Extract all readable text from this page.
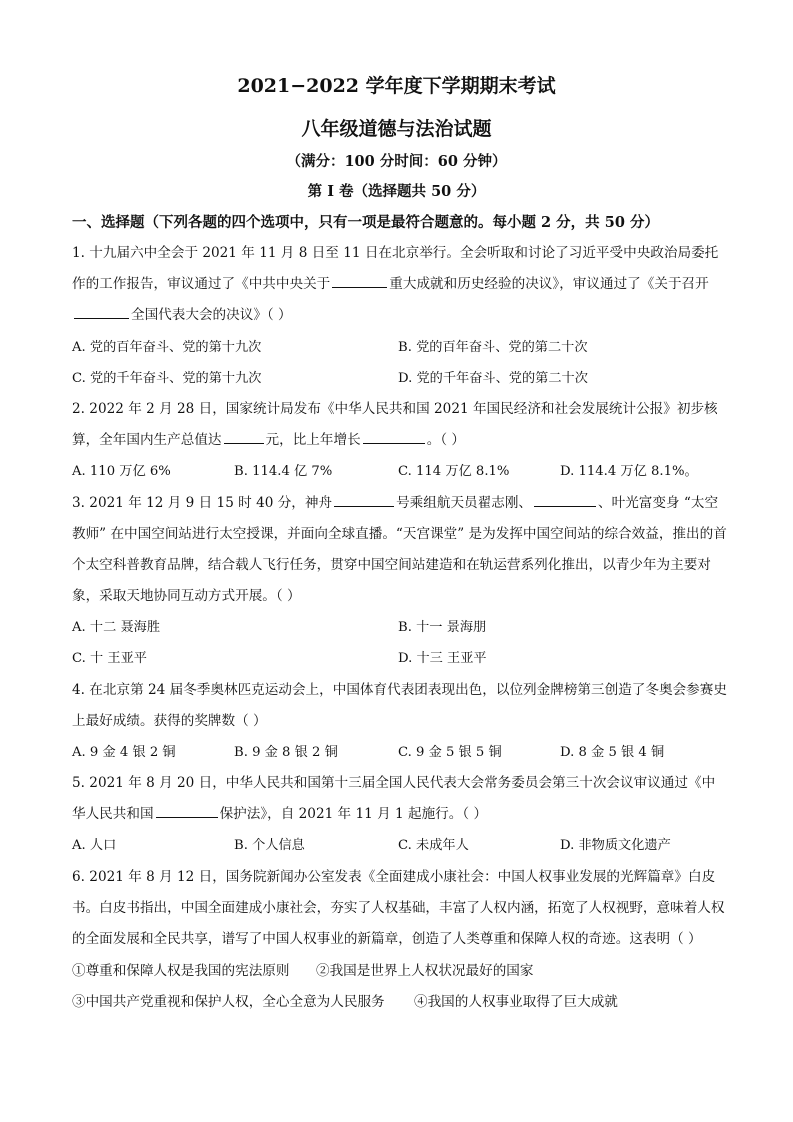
2021−2022 学年度下学期期末考试
八年级道德与法治试题
（满分：100 分时间：60 分钟）
第 I 卷（选择题共 50 分）
一、选择题（下列各题的四个选项中，只有一项是最符合题意的。每小题 2 分，共 50 分）
1. 十九届六中全会于 2021 年 11 月 8 日至 11 日在北京举行。全会听取和讨论了习近平受中央政治局委托作的工作报告，审议通过了《中共中央关于	重大成就和历史经验的决议》，审议通过了《关于召开
全国代表大会的决议》（ ）
A. 党的百年奋斗、党的第十九次	B. 党的百年奋斗、党的第二十次
C. 党的千年奋斗、党的第十九次	D. 党的千年奋斗、党的第二十次
2. 2022 年 2 月 28 日，国家统计局发布《中华人民共和国 2021 年国民经济和社会发展统计公报》初步核算，全年国内生产总值达	元，比上年增长	。（ ）
A. 110 万亿 6%	B. 114.4 亿 7%	C. 114 万亿 8.1%	D. 114.4 万亿 8.1%。
3. 2021 年 12 月 9 日 15 时 40 分，神舟	号乘组航天员翟志刚、	、叶光富变身 “太空教师” 在中国空间站进行太空授课，并面向全球直播。“天宫课堂” 是为发挥中国空间站的综合效益，推出的首个太空科普教育品牌，结合载人飞行任务，贯穿中国空间站建造和在轨运营系列化推出，以青少年为主要对象，采取天地协同互动方式开展。（ ）
A. 十二 聂海胜	B. 十一 景海朋
C. 十 王亚平	D. 十三 王亚平
4. 在北京第 24 届冬季奥林匹克运动会上，中国体育代表团表现出色，以位列金牌榜第三创造了冬奥会参赛史上最好成绩。获得的奖牌数（ ）
A. 9 金 4 银 2 铜	B. 9 金 8 银 2 铜	C. 9 金 5 银 5 铜	D. 8 金 5 银 4 铜
5. 2021 年 8 月 20 日，中华人民共和国第十三届全国人民代表大会常务委员会第三十次会议审议通过《中华人民共和国	保护法》，自 2021 年 11 月 1 起施行。（ ）
A. 人口	B. 个人信息	C. 未成年人	D. 非物质文化遗产
6. 2021 年 8 月 12 日，国务院新闻办公室发表《全面建成小康社会：中国人权事业发展的光辉篇章》白皮书。白皮书指出，中国全面建成小康社会，夯实了人权基础，丰富了人权内涵，拓宽了人权视野，意味着人权的全面发展和全民共享，谱写了中国人权事业的新篇章，创造了人类尊重和保障人权的奇迹。这表明（ ）
①尊重和保障人权是我国的宪法原则 ②我国是世界上人权状况最好的国家
③中国共产党重视和保护人权，全心全意为人民服务 ④我国的人权事业取得了巨大成就
